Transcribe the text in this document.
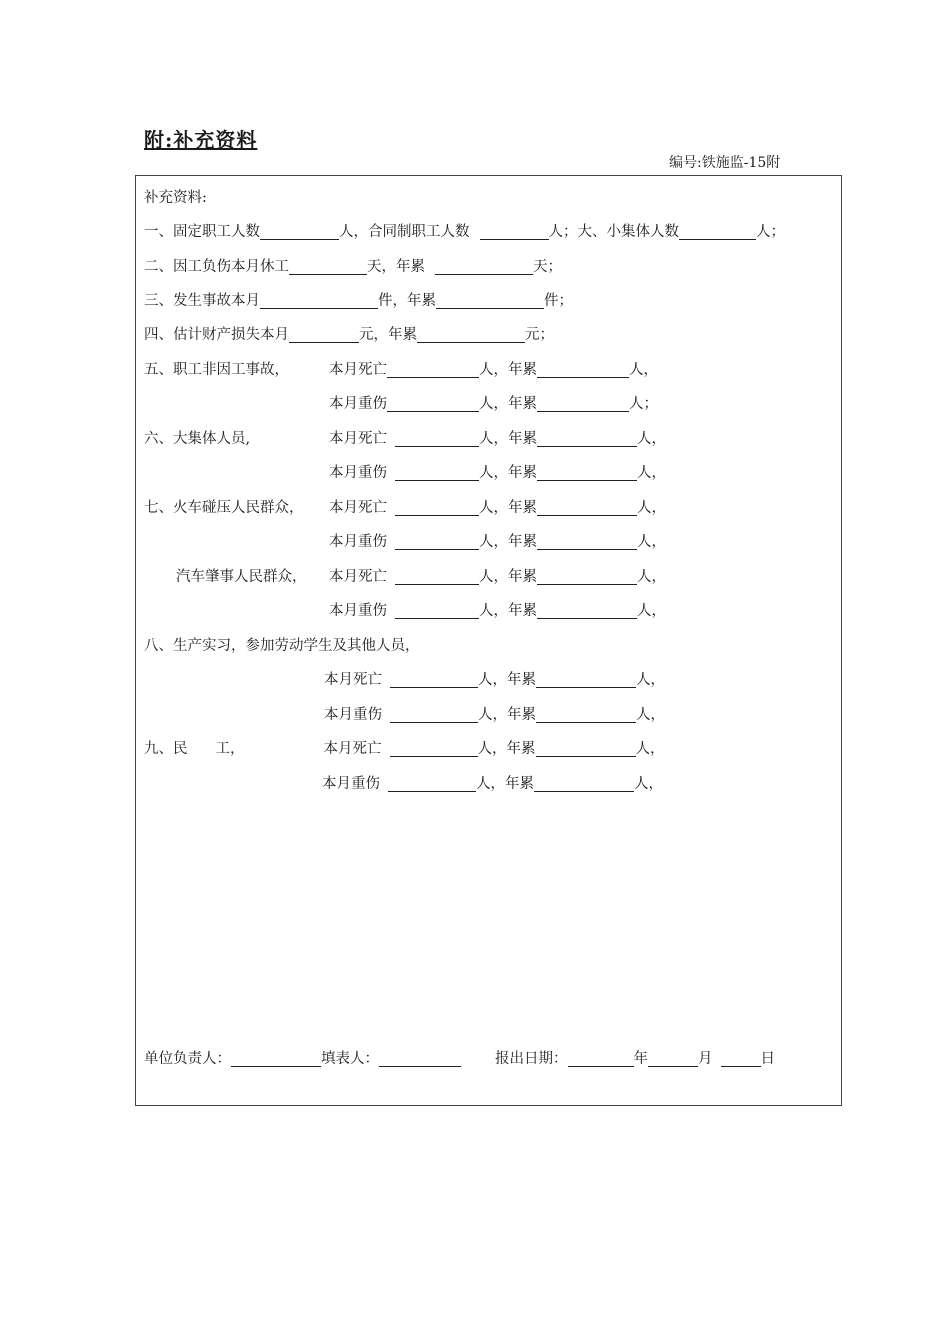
附:补充资料
编号:铁施监-15附
补充资料:
一、固定职工人数	人 ，合同制职工人数	人 ； 大、小集体人数	人 ；
二、因工负伤本月休工	天 ，年累	天 ；
三、发生事故本月	件 ，年累	件 ；
四、估计财产损失本月	元 ，年累	元 ；
五、职工非因工事故，	本月死亡	人 ，年累	人 ，
本月重伤	人 ，年累	人 ；
六、大集体人员,	本月死亡	人 ，年累	人 ，
本月重伤	人 ，年累	人 ，
七、火车碰压人民群众，	本月死亡	人 ，年累	人 ，
本月重伤	人 ，年累	人 ，
汽车肇事人民群众，	本月死亡	人 ，年累	人 ，
本月重伤	人 ，年累	人 ，
八、生产实习，参加劳动学生及其他人员，
本月死亡	人 ，年累	人 ，
本月重伤	人 ，年累	人 ，
九、民 工，	本月死亡	人 ，年累	人 ，
本月重伤	人 ，年累	人 ，
单位负责人：	填表人：	报出日期：	年	月	日
